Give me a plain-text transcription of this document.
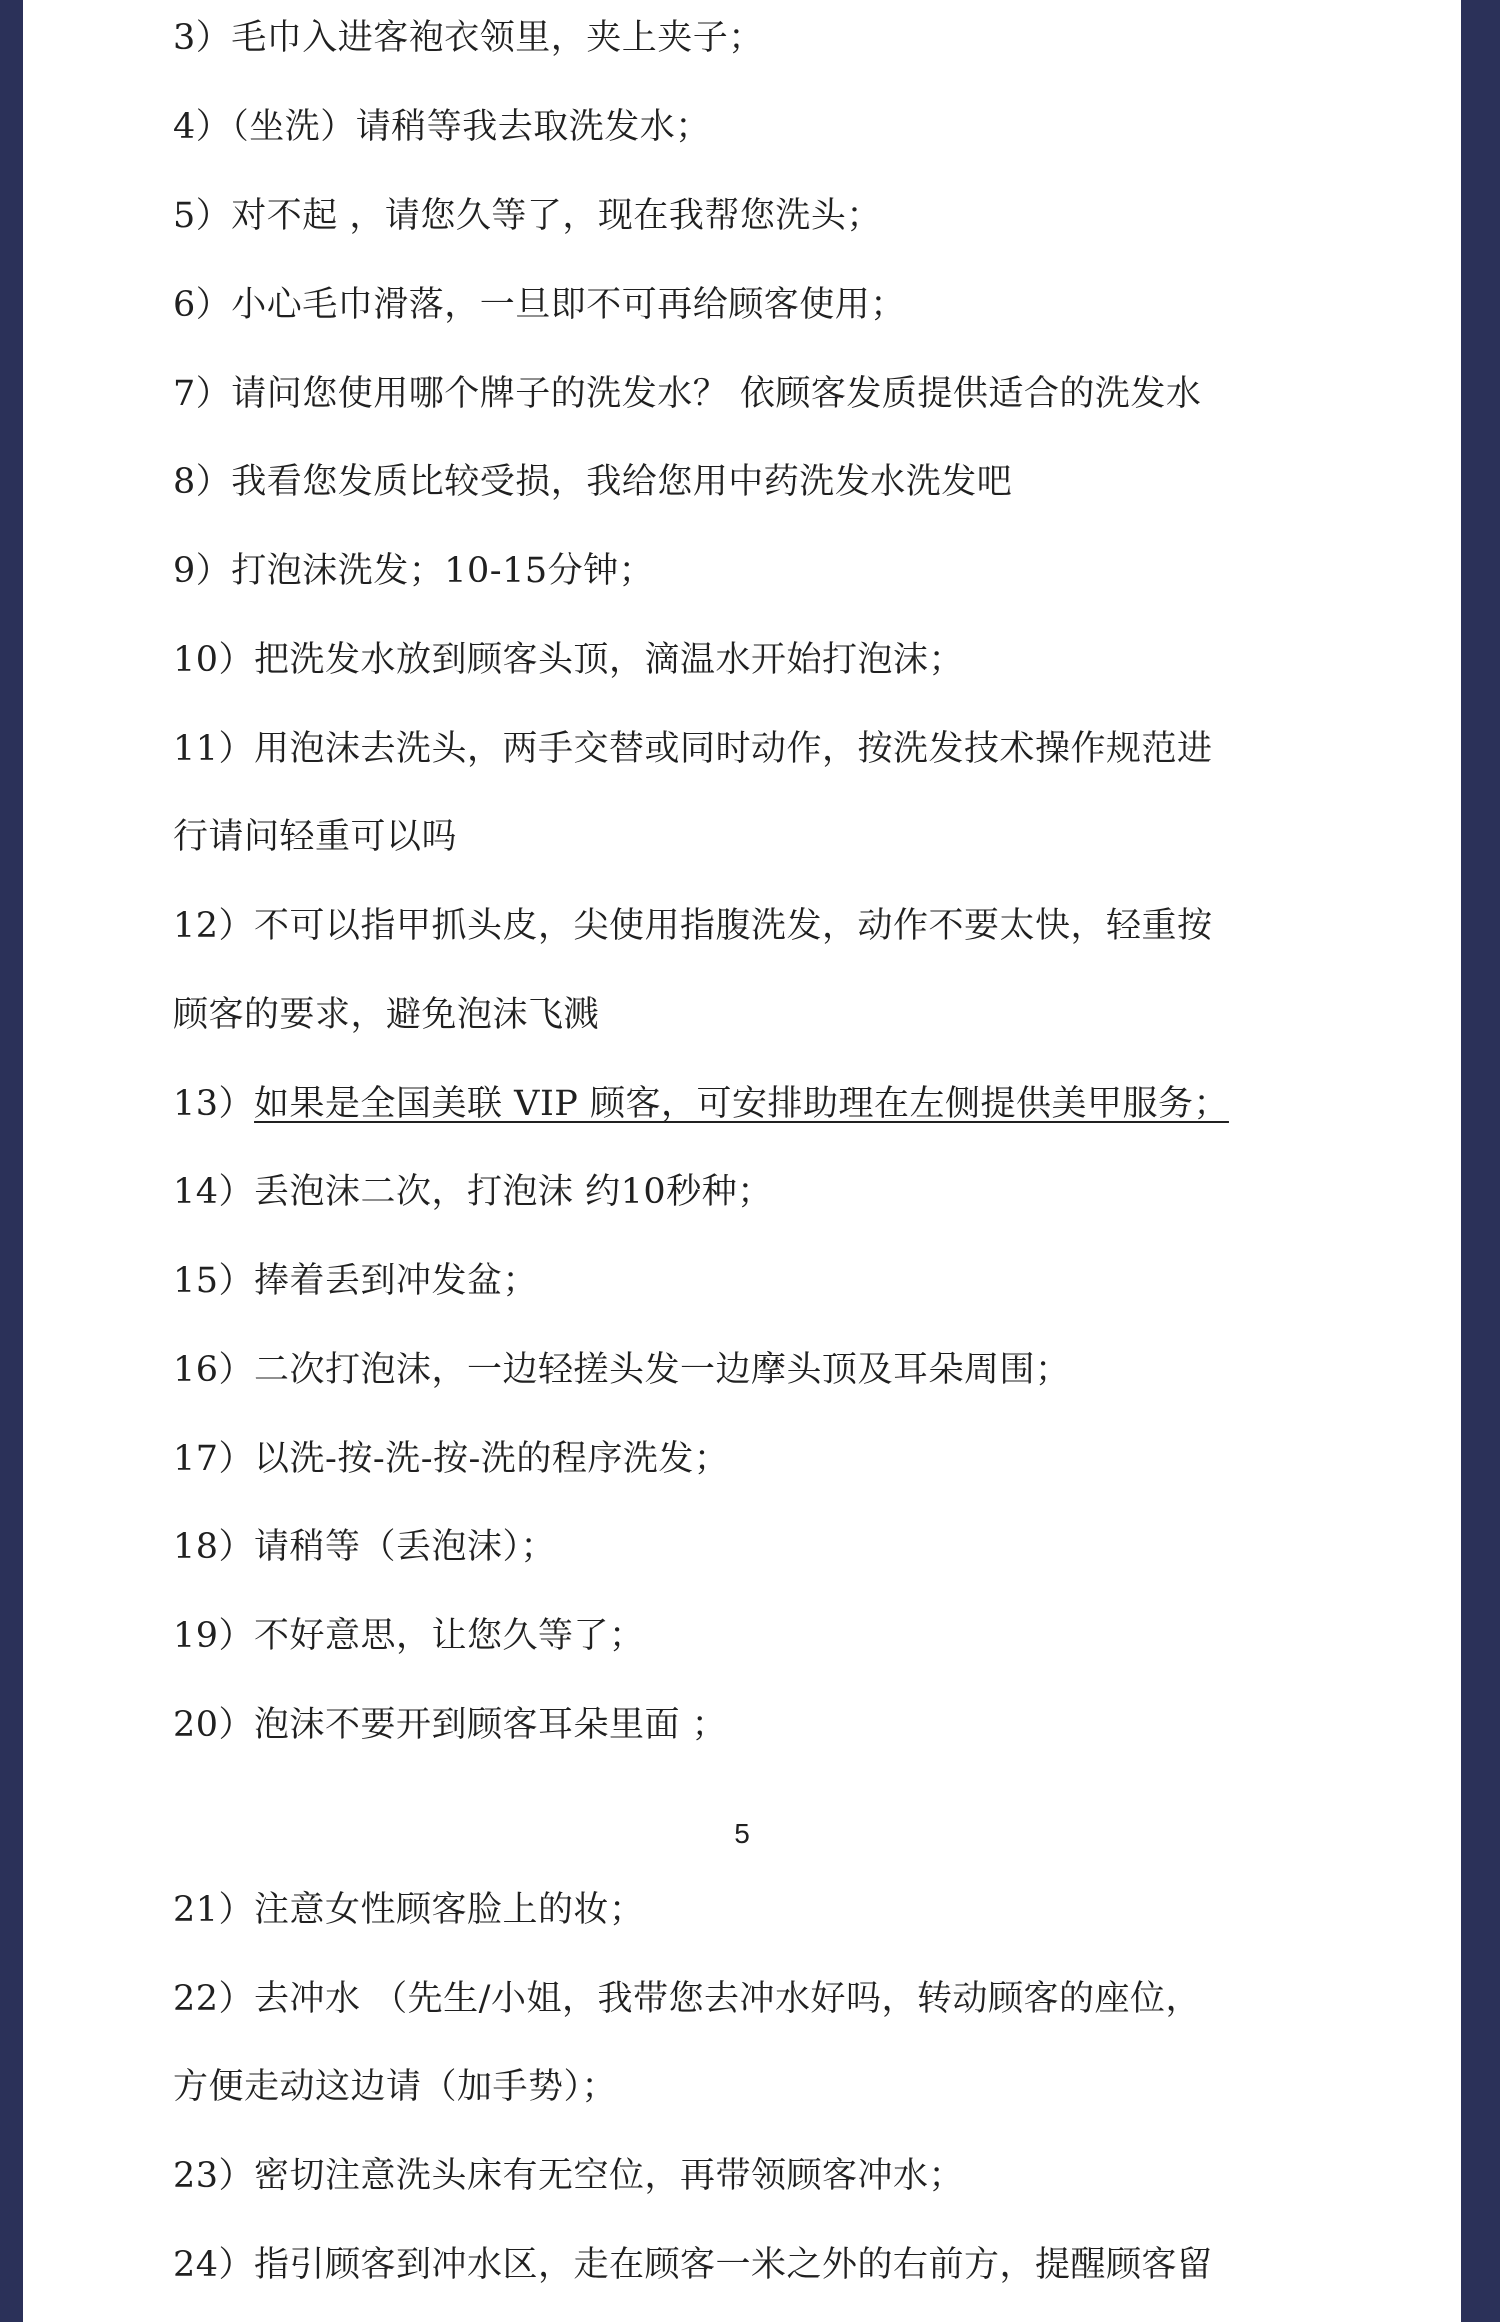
3）毛巾入进客袍衣领里，夹上夹子；
4）（坐洗）请稍等我去取洗发水；
5）对不起 ，请您久等了，现在我帮您洗头；
6）小心毛巾滑落，一旦即不可再给顾客使用；
7）请问您使用哪个牌子的洗发水？ 依顾客发质提供适合的洗发水
8）我看您发质比较受损，我给您用中药洗发水洗发吧
9）打泡沫洗发；10-15分钟；
10）把洗发水放到顾客头顶，滴温水开始打泡沫；
11）用泡沫去洗头，两手交替或同时动作，按洗发技术操作规范进
行请问轻重可以吗
12）不可以指甲抓头皮，尖使用指腹洗发，动作不要太快，轻重按
顾客的要求，避免泡沫飞溅
13）如果是全国美联 VIP 顾客，可安排助理在左侧提供美甲服务；
14）丢泡沫二次，打泡沫 约10秒种；
15）捧着丢到冲发盆；
16）二次打泡沫，一边轻搓头发一边摩头顶及耳朵周围；
17）以洗-按-洗-按-洗的程序洗发；
18）请稍等（丢泡沫）；
19）不好意思，让您久等了；
20）泡沫不要开到顾客耳朵里面 ；
5
21）注意女性顾客脸上的妆；
22）去冲水 （先生/小姐，我带您去冲水好吗，转动顾客的座位，
方便走动这边请（加手势）；
23）密切注意洗头床有无空位，再带领顾客冲水；
24）指引顾客到冲水区，走在顾客一米之外的右前方，提醒顾客留
